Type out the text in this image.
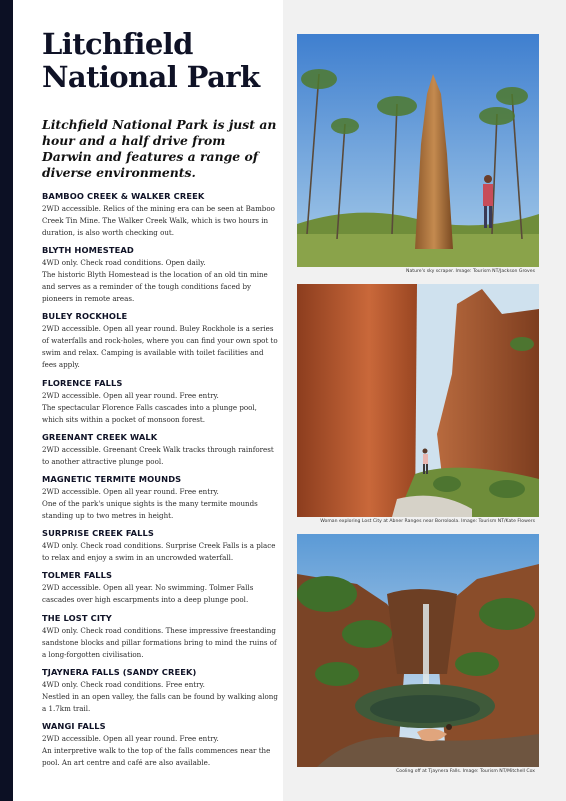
Litchfield National Park

Litchfield National Park is just an hour and a half drive from Darwin and features a range of diverse environments.

BAMBOO CREEK & WALKER CREEK

2WD accessible. Relics of the mining era can be seen at Bamboo Creek Tin Mine. The Walker Creek Walk, which is two hours in duration, is also worth checking out.

BLYTH HOMESTEAD

4WD only. Check road conditions. Open daily.
The historic Blyth Homestead is the location of an old tin mine and serves as a reminder of the tough conditions faced by pioneers in remote areas.

BULEY ROCKHOLE

2WD accessible. Open all year round. Buley Rockhole is a series of waterfalls and rock-holes, where you can find your own spot to swim and relax. Camping is available with toilet facilities and fees apply.

FLORENCE FALLS

2WD accessible. Open all year round. Free entry.
The spectacular Florence Falls cascades into a plunge pool, which sits within a pocket of monsoon forest.

GREENANT CREEK WALK

2WD accessible. Greenant Creek Walk tracks through rainforest to another attractive plunge pool.

MAGNETIC TERMITE MOUNDS

2WD accessible. Open all year round. Free entry.
One of the park's unique sights is the many termite mounds standing up to two metres in height.

SURPRISE CREEK FALLS

4WD only. Check road conditions. Surprise Creek Falls is a place to relax and enjoy a swim in an uncrowded waterfall.

TOLMER FALLS

2WD accessible. Open all year. No swimming. Tolmer Falls cascades over high escarpments into a deep plunge pool.

THE LOST CITY

4WD only. Check road conditions. These impressive freestanding sandstone blocks and pillar formations bring to mind the ruins of a long-forgotten civilisation.

TJAYNERA FALLS (SANDY CREEK)

4WD only. Check road conditions. Free entry.
Nestled in an open valley, the falls can be found by walking along a 1.7km trail.

WANGI FALLS

2WD accessible. Open all year round. Free entry.
An interpretive walk to the top of the falls commences near the pool. An art centre and café are also available.

Nature's sky scraper. Image: Tourism NT/Jackson Groves
Woman exploring Lost City at Abner Ranges near Borroloola. Image: Tourism NT/Kate Flowers
Cooling off at Tjaynera Falls. Image: Tourism NT/Mitchell Cox
